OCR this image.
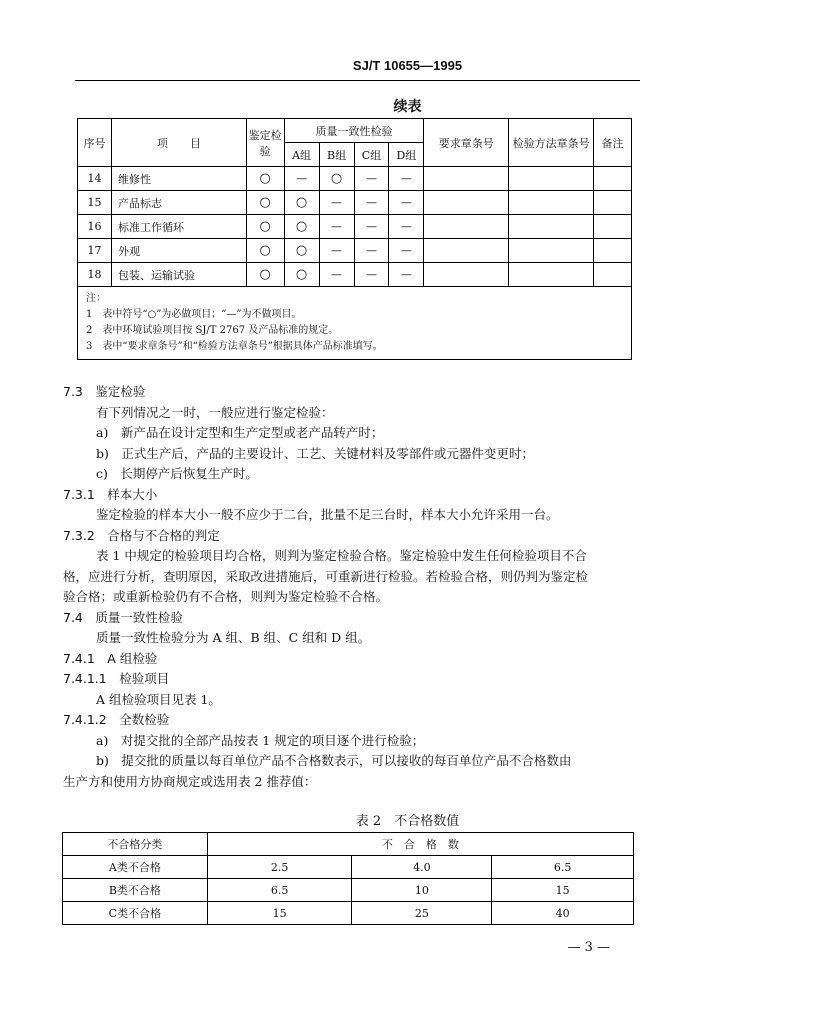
SJ/T 10655—1995
续表
序号	项　　目	鉴定检验	质量一致性检验				要求章条号	检验方法章条号	备注
			A组	B组	C组	D组			
14	维修性	○	—	○	—	—			
15	产品标志	○	○	—	—	—			
16	标准工作循环	○	○	—	—	—			
17	外观	○	○	—	—	—			
18	包装、运输试验	○	○	—	—	—			

注：
1　表中符号“○”为必做项目；“—”为不做项目。
2　表中环境试验项目按 SJ/T 2767 及产品标准的规定。
3　表中“要求章条号”和“检验方法章条号”根据具体产品标准填写。									

7.3　鉴定检验

有下列情况之一时，一般应进行鉴定检验：

a)　新产品在设计定型和生产定型或老产品转产时；

b)　正式生产后，产品的主要设计、工艺、关键材料及零部件或元器件变更时；

c)　长期停产后恢复生产时。

7.3.1　样本大小

鉴定检验的样本大小一般不应少于二台，批量不足三台时，样本大小允许采用一台。

7.3.2　合格与不合格的判定

表 1 中规定的检验项目均合格，则判为鉴定检验合格。鉴定检验中发生任何检验项目不合

格，应进行分析，查明原因，采取改进措施后，可重新进行检验。若检验合格，则仍判为鉴定检

验合格；或重新检验仍有不合格，则判为鉴定检验不合格。

7.4　质量一致性检验

质量一致性检验分为 A 组、B 组、C 组和 D 组。

7.4.1　A 组检验

7.4.1.1　检验项目

A 组检验项目见表 1。

7.4.1.2　全数检验

a)　对提交批的全部产品按表 1 规定的项目逐个进行检验；

b)　提交批的质量以每百单位产品不合格数表示，可以接收的每百单位产品不合格数由

生产方和使用方协商规定或选用表 2 推荐值：

表 2　不合格数值
不合格分类	不　合　格　数		
A类不合格	2.5	4.0	6.5
B类不合格	6.5	10	15
C类不合格	15	25	40
— 3 —
